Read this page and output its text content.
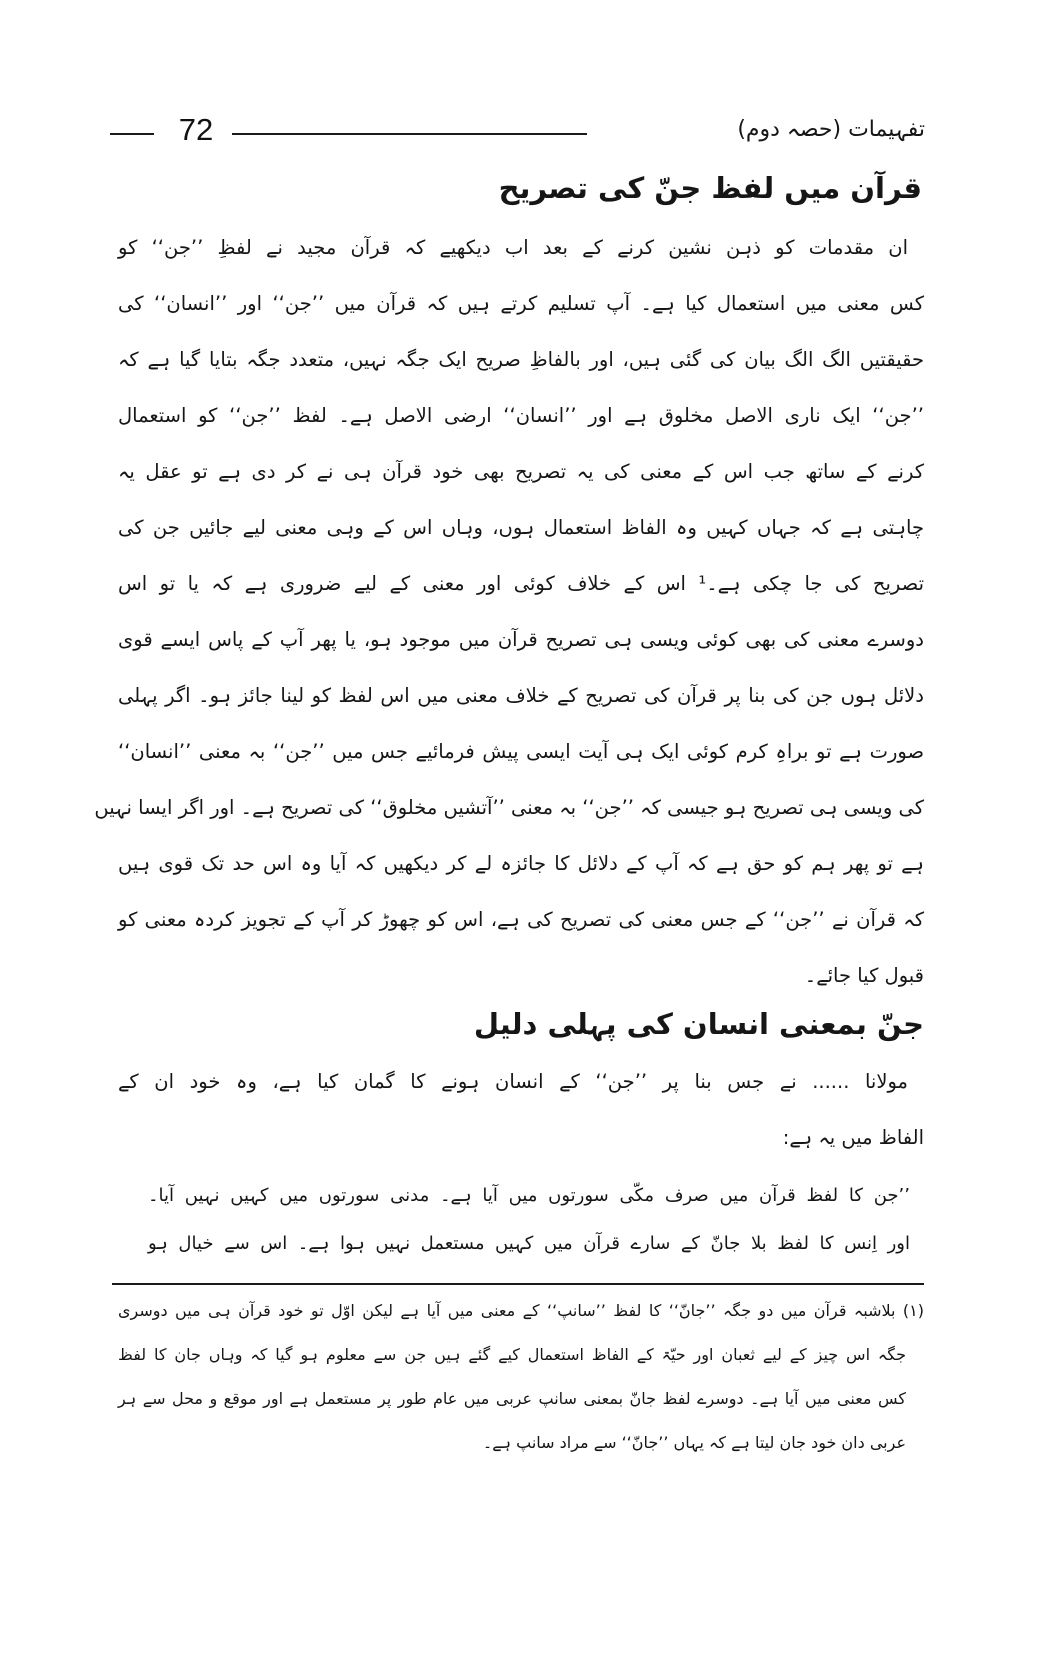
72	تفہیمات (حصہ دوم)
قرآن میں لفظ جنّ کی تصریح
ان مقدمات کو ذہن نشین کرنے کے بعد اب دیکھیے کہ قرآن مجید نے لفظِ ’’جن‘‘ کو
کس معنی میں استعمال کیا ہے۔ آپ تسلیم کرتے ہیں کہ قرآن میں ’’جن‘‘ اور ’’انسان‘‘ کی
حقیقتیں الگ الگ بیان کی گئی ہیں، اور بالفاظِ صریح ایک جگہ نہیں، متعدد جگہ بتایا گیا ہے کہ
’’جن‘‘ ایک ناری الاصل مخلوق ہے اور ’’انسان‘‘ ارضی الاصل ہے۔ لفظ ’’جن‘‘ کو استعمال
کرنے کے ساتھ جب اس کے معنی کی یہ تصریح بھی خود قرآن ہی نے کر دی ہے تو عقل یہ
چاہتی ہے کہ جہاں کہیں وہ الفاظ استعمال ہوں، وہاں اس کے وہی معنی لیے جائیں جن کی
تصریح کی جا چکی ہے۔¹ اس کے خلاف کوئی اور معنی کے لیے ضروری ہے کہ یا تو اس
دوسرے معنی کی بھی کوئی ویسی ہی تصریح قرآن میں موجود ہو، یا پھر آپ کے پاس ایسے قوی
دلائل ہوں جن کی بنا پر قرآن کی تصریح کے خلاف معنی میں اس لفظ کو لینا جائز ہو۔ اگر پہلی
صورت ہے تو براہِ کرم کوئی ایک ہی آیت ایسی پیش فرمائیے جس میں ’’جن‘‘ بہ معنی ’’انسان‘‘
کی ویسی ہی تصریح ہو جیسی کہ ’’جن‘‘ بہ معنی ’’آتشیں مخلوق‘‘ کی تصریح ہے۔ اور اگر ایسا نہیں
ہے تو پھر ہم کو حق ہے کہ آپ کے دلائل کا جائزہ لے کر دیکھیں کہ آیا وہ اس حد تک قوی ہیں
کہ قرآن نے ’’جن‘‘ کے جس معنی کی تصریح کی ہے، اس کو چھوڑ کر آپ کے تجویز کردہ معنی کو
قبول کیا جائے۔
جنّ بمعنی انسان کی پہلی دلیل
مولانا ...... نے جس بنا پر ’’جن‘‘ کے انسان ہونے کا گمان کیا ہے، وہ خود ان کے
الفاظ میں یہ ہے:
’’جن کا لفظ قرآن میں صرف مکّی سورتوں میں آیا ہے۔ مدنی سورتوں میں کہیں نہیں آیا۔
اور اِنس کا لفظ بلا جانّ کے سارے قرآن میں کہیں مستعمل نہیں ہوا ہے۔ اس سے خیال ہو
(۱) بلاشبہ قرآن میں دو جگہ ’’جانّ‘‘ کا لفظ ’’سانپ‘‘ کے معنی میں آیا ہے لیکن اوّل تو خود قرآن ہی میں دوسری
جگہ اس چیز کے لیے ثعبان اور حیّۃ کے الفاظ استعمال کیے گئے ہیں جن سے معلوم ہو گیا کہ وہاں جان کا لفظ
کس معنی میں آیا ہے۔ دوسرے لفظ جانّ بمعنی سانپ عربی میں عام طور پر مستعمل ہے اور موقع و محل سے ہر
عربی دان خود جان لیتا ہے کہ یہاں ’’جانّ‘‘ سے مراد سانپ ہے۔
